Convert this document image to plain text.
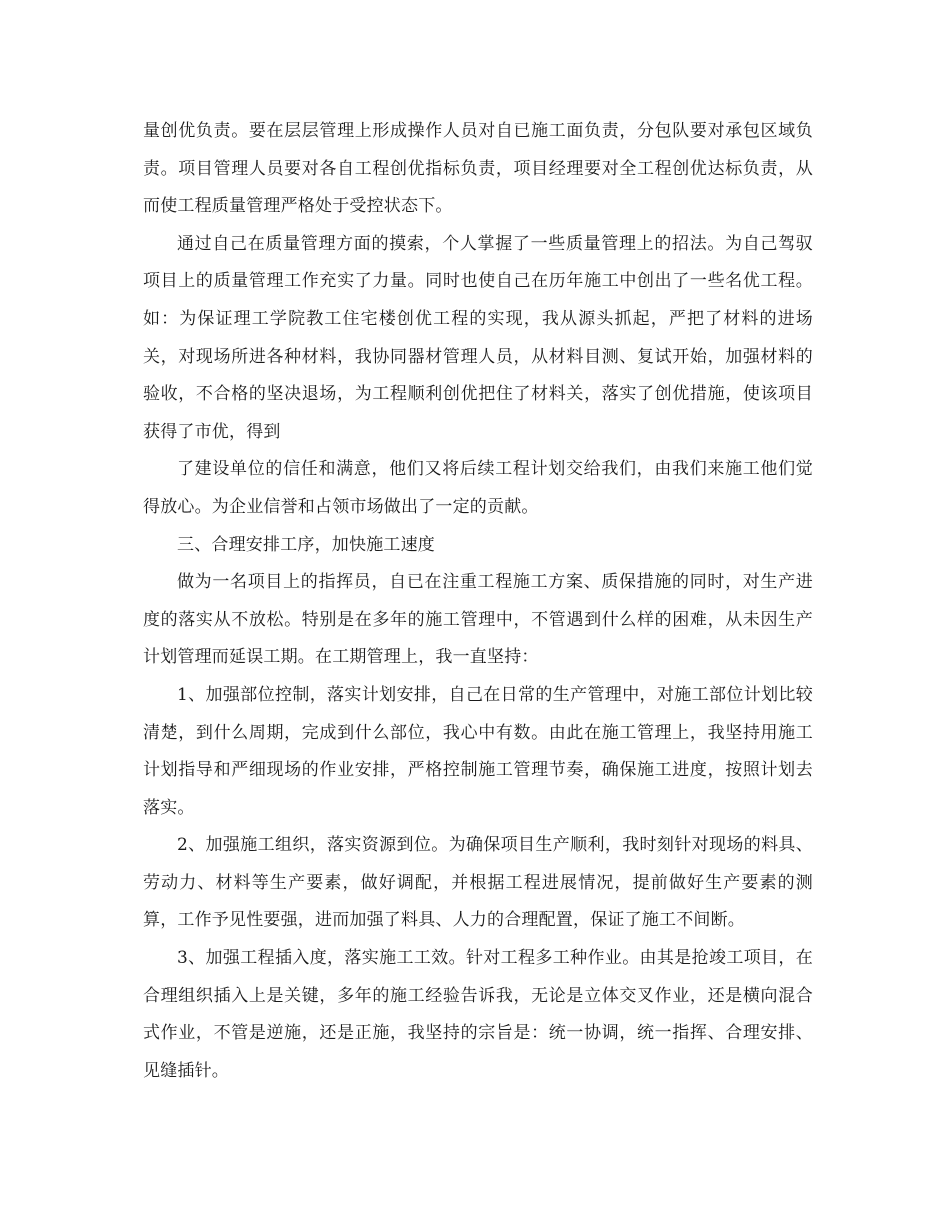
量创优负责。要在层层管理上形成操作人员对自已施工面负责，分包队要对承包区域负责。项目管理人员要对各自工程创优指标负责，项目经理要对全工程创优达标负责，从而使工程质量管理严格处于受控状态下。

通过自己在质量管理方面的摸索，个人掌握了一些质量管理上的招法。为自己驾驭项目上的质量管理工作充实了力量。同时也使自己在历年施工中创出了一些名优工程。如：为保证理工学院教工住宅楼创优工程的实现，我从源头抓起，严把了材料的进场关，对现场所进各种材料，我协同器材管理人员，从材料目测、复试开始，加强材料的验收，不合格的坚决退场，为工程顺利创优把住了材料关，落实了创优措施，使该项目获得了市优，得到

了建设单位的信任和满意，他们又将后续工程计划交给我们，由我们来施工他们觉得放心。为企业信誉和占领市场做出了一定的贡献。

三、合理安排工序，加快施工速度

做为一名项目上的指挥员，自已在注重工程施工方案、质保措施的同时，对生产进度的落实从不放松。特别是在多年的施工管理中，不管遇到什么样的困难，从未因生产计划管理而延误工期。在工期管理上，我一直坚持：

1、加强部位控制，落实计划安排，自己在日常的生产管理中，对施工部位计划比较清楚，到什么周期，完成到什么部位，我心中有数。由此在施工管理上，我坚持用施工计划指导和严细现场的作业安排，严格控制施工管理节奏，确保施工进度，按照计划去落实。

2、加强施工组织，落实资源到位。为确保项目生产顺利，我时刻针对现场的料具、劳动力、材料等生产要素，做好调配，并根据工程进展情况，提前做好生产要素的测算，工作予见性要强，进而加强了料具、人力的合理配置，保证了施工不间断。

3、加强工程插入度，落实施工工效。针对工程多工种作业。由其是抢竣工项目，在合理组织插入上是关键，多年的施工经验告诉我，无论是立体交叉作业，还是横向混合式作业，不管是逆施，还是正施，我坚持的宗旨是：统一协调，统一指挥、合理安排、见缝插针。
